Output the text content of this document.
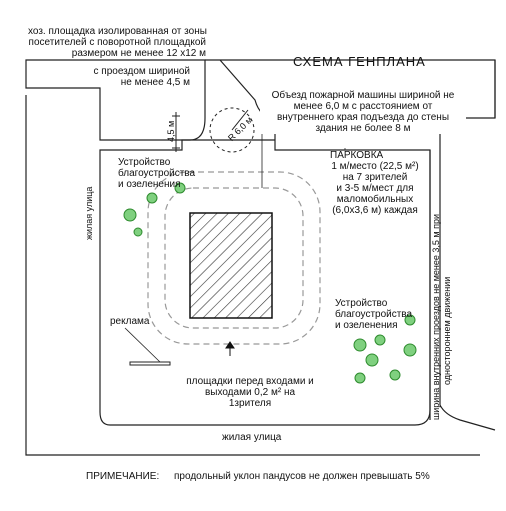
СХЕМА ГЕНПЛАНА
хоз. площадка изолированная от зоны
посетителей с поворотной площадкой
размером не менее 12 х12 м
с проездом шириной
не менее 4,5 м
Объезд пожарной машины шириной не
менее 6,0 м с расстоянием от
внутреннего края подъезда до стены
здания не более 8 м
ПАРКОВКА
1 м/место (22,5 м²)
на 7 зрителей
и 3-5 м/мест для
маломобильных
(6,0х3,6 м) каждая
Устройство
благоустройства
и озеленения
Устройство
благоустройства
и озеленения
реклама
площадки перед входами и
выходами 0,2 м² на
1зрителя
жилая улица
жилая улица
ширина внутренних проездов не менее 3,5 м при одностороннем движении
4,5 м	R 6,0 м
ПРИМЕЧАНИЕ: продольный уклон пандусов не должен превышать 5%
